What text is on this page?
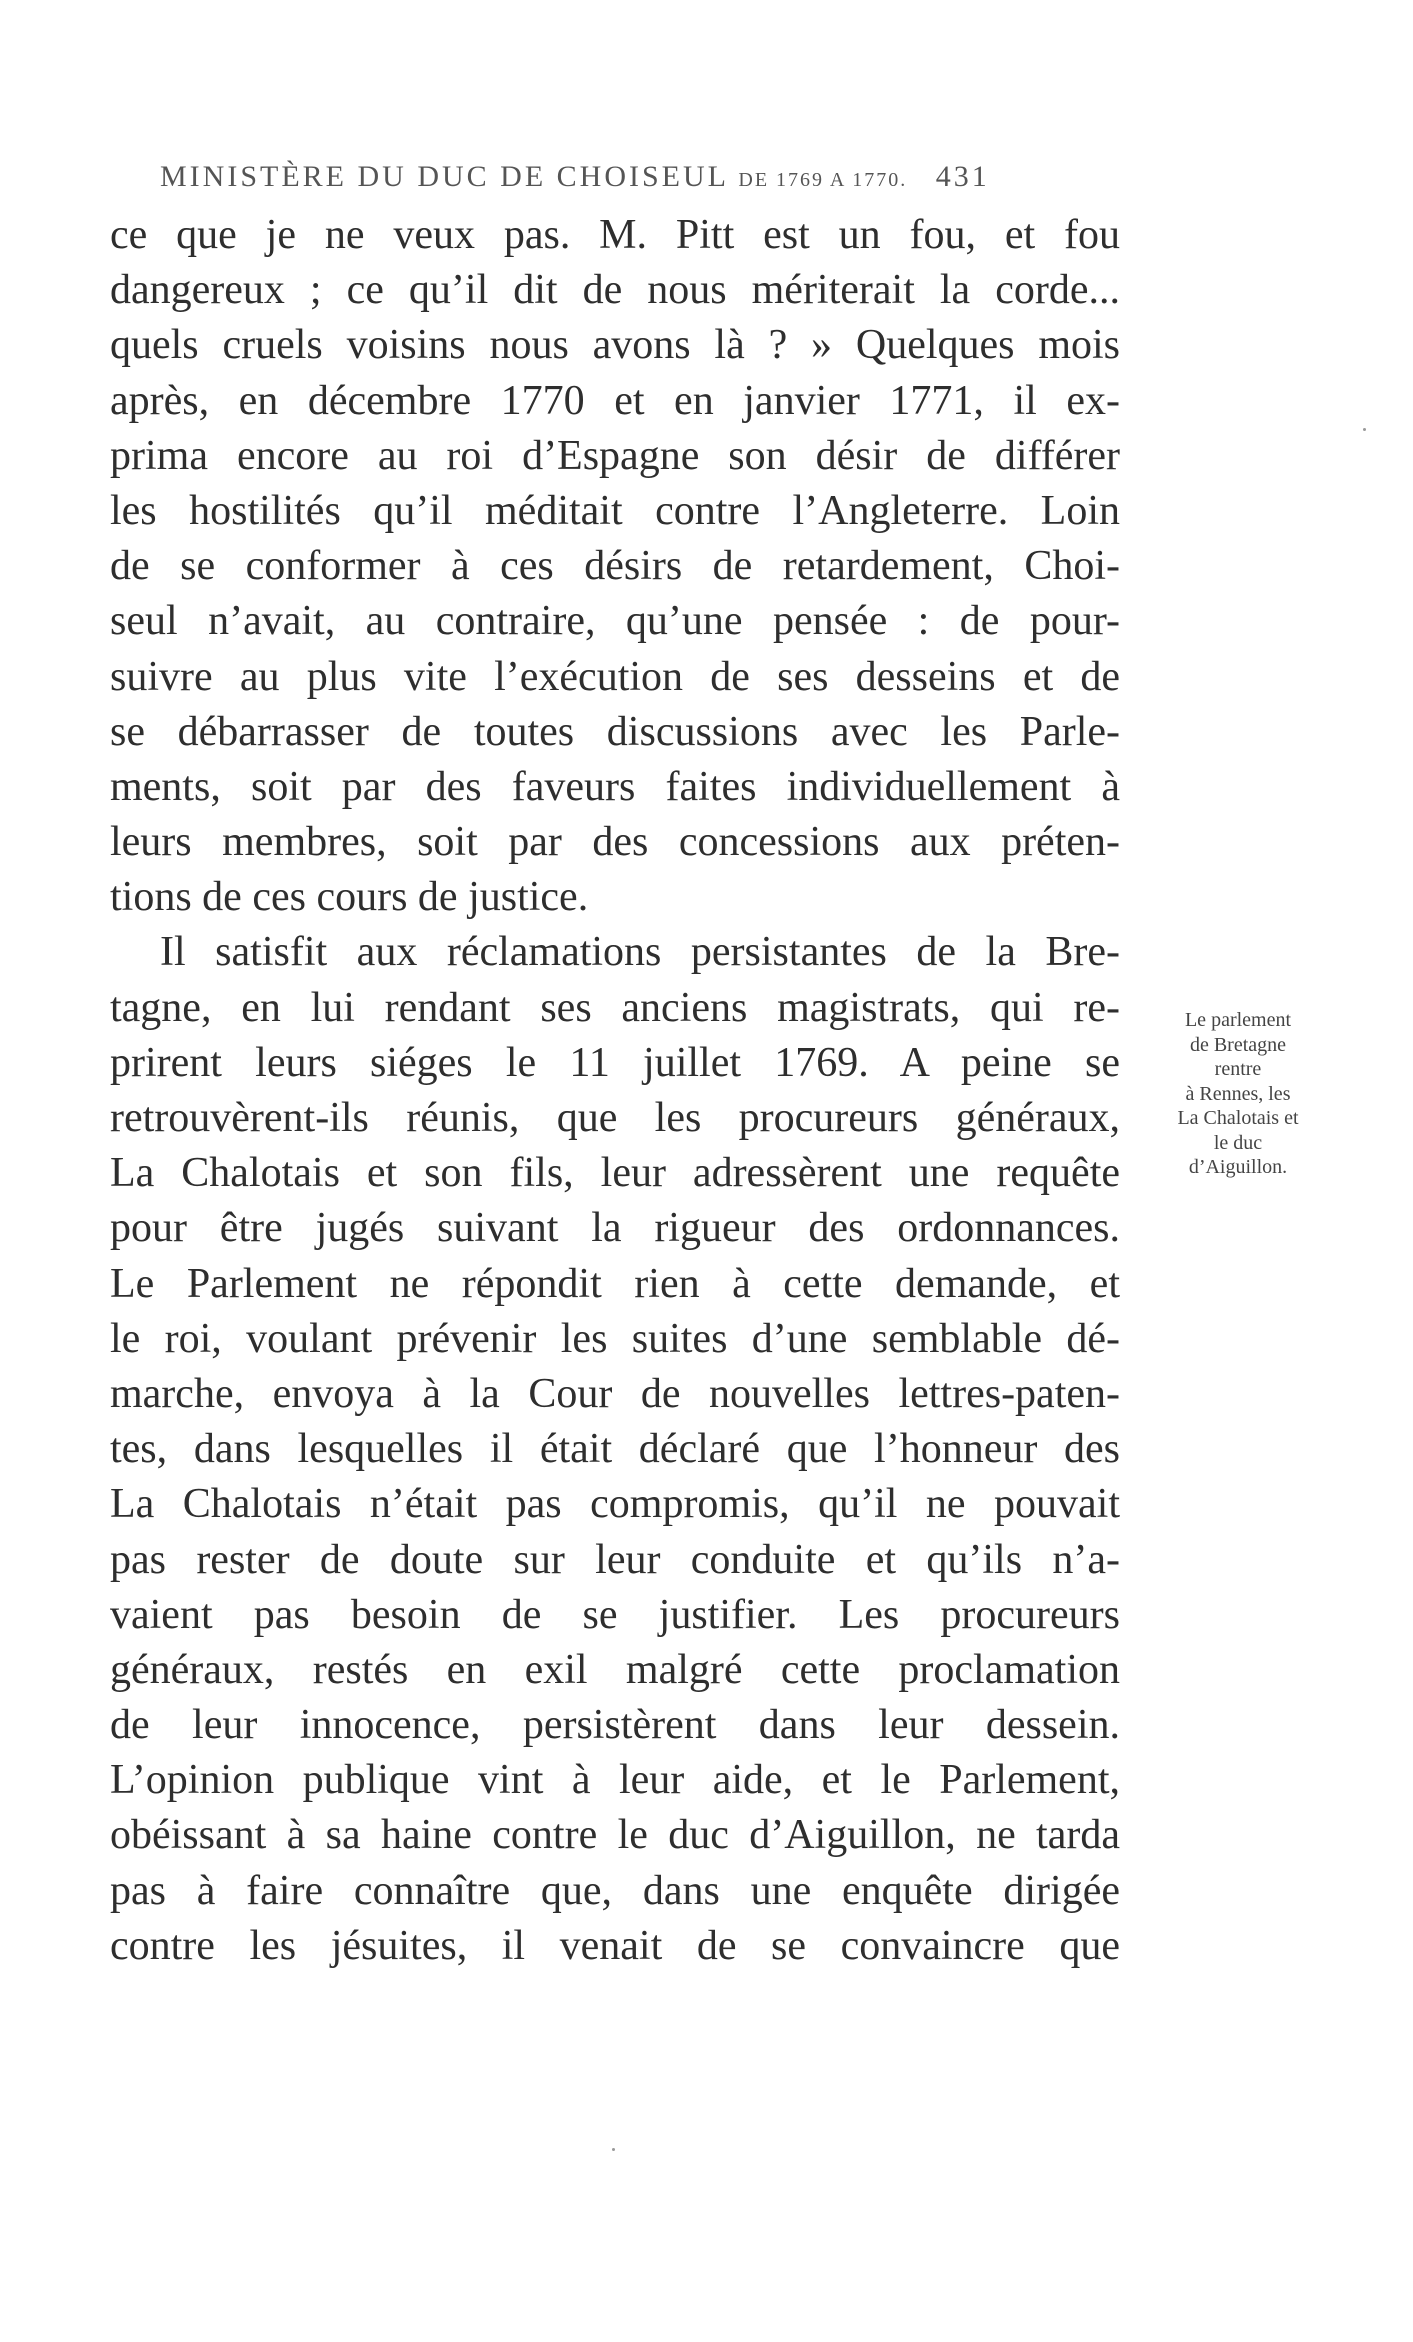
MINISTÈRE DU DUC DE CHOISEUL DE 1769 A 1770. 431
ce que je ne veux pas. M. Pitt est un fou, et fou
dangereux ; ce qu’il dit de nous mériterait la corde...
quels cruels voisins nous avons là ? » Quelques mois
après, en décembre 1770 et en janvier 1771, il ex-
prima encore au roi d’Espagne son désir de différer
les hostilités qu’il méditait contre l’Angleterre. Loin
de se conformer à ces désirs de retardement, Choi-
seul n’avait, au contraire, qu’une pensée : de pour-
suivre au plus vite l’exécution de ses desseins et de
se débarrasser de toutes discussions avec les Parle-
ments, soit par des faveurs faites individuellement à
leurs membres, soit par des concessions aux préten-
tions de ces cours de justice.
Il satisfit aux réclamations persistantes de la Bre-
tagne, en lui rendant ses anciens magistrats, qui re-
prirent leurs siéges le 11 juillet 1769. A peine se
retrouvèrent-ils réunis, que les procureurs généraux,
La Chalotais et son fils, leur adressèrent une requête
pour être jugés suivant la rigueur des ordonnances.
Le Parlement ne répondit rien à cette demande, et
le roi, voulant prévenir les suites d’une semblable dé-
marche, envoya à la Cour de nouvelles lettres-paten-
tes, dans lesquelles il était déclaré que l’honneur des
La Chalotais n’était pas compromis, qu’il ne pouvait
pas rester de doute sur leur conduite et qu’ils n’a-
vaient pas besoin de se justifier. Les procureurs
généraux, restés en exil malgré cette proclamation
de leur innocence, persistèrent dans leur dessein.
L’opinion publique vint à leur aide, et le Parlement,
obéissant à sa haine contre le duc d’Aiguillon, ne tarda
pas à faire connaître que, dans une enquête dirigée
contre les jésuites, il venait de se convaincre que
Le parlement
de Bretagne
rentre
à Rennes, les
La Chalotais et
le duc
d’Aiguillon.
